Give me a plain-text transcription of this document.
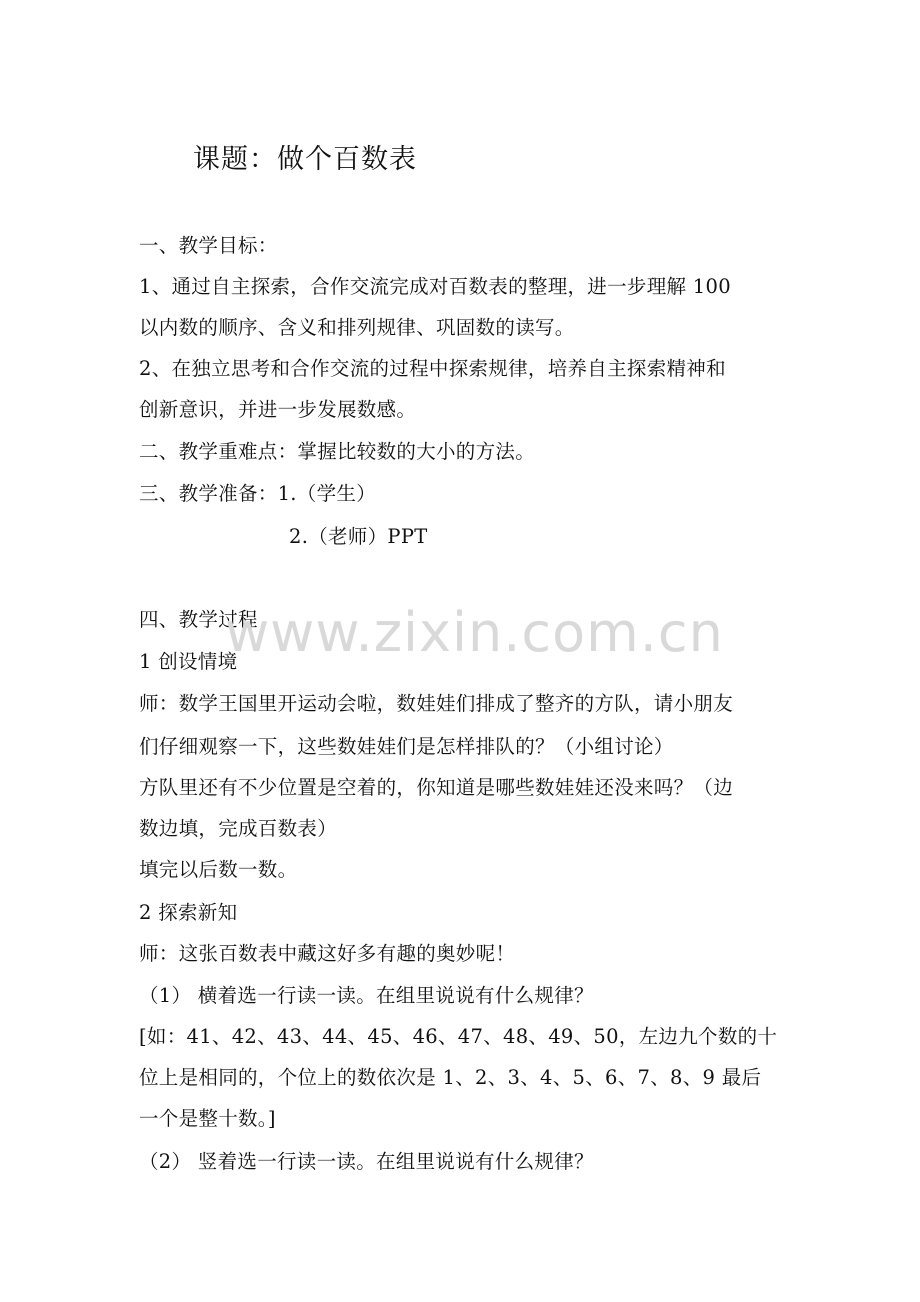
课题：做个百数表
一、教学目标：
1、通过自主探索，合作交流完成对百数表的整理，进一步理解 100
以内数的顺序、含义和排列规律、巩固数的读写。
2、在独立思考和合作交流的过程中探索规律，培养自主探索精神和
创新意识，并进一步发展数感。
二、教学重难点：掌握比较数的大小的方法。
三、教学准备：1.（学生）
2.（老师）PPT
四、教学过程
1 创设情境
师：数学王国里开运动会啦，数娃娃们排成了整齐的方队，请小朋友
们仔细观察一下，这些数娃娃们是怎样排队的？（小组讨论）
方队里还有不少位置是空着的，你知道是哪些数娃娃还没来吗？（边
数边填，完成百数表）
填完以后数一数。
2 探索新知
师：这张百数表中藏这好多有趣的奥妙呢！
（1） 横着选一行读一读。在组里说说有什么规律？
[如：41、42、43、44、45、46、47、48、49、50，左边九个数的十
位上是相同的，个位上的数依次是 1、2、3、4、5、6、7、8、9 最后
一个是整十数。]
（2） 竖着选一行读一读。在组里说说有什么规律？
www.zixin.com.cn
